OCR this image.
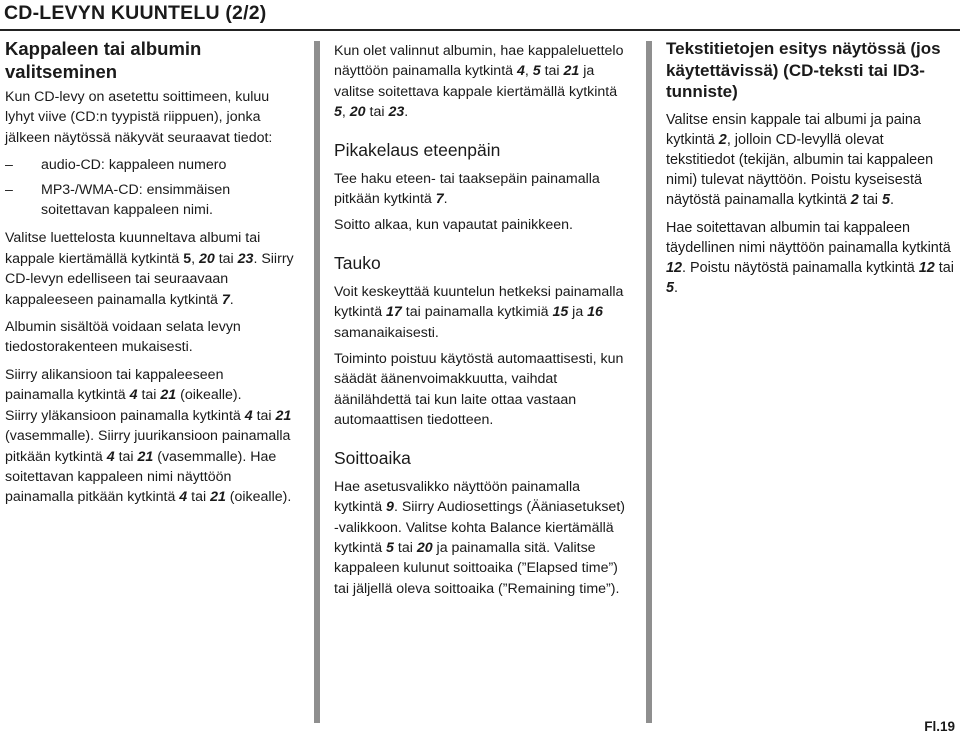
CD-LEVYN KUUNTELU (2/2)
Kappaleen tai albumin valitseminen

Kun CD-levy on asetettu soittimeen, kuluu lyhyt viive (CD:n tyypistä riippuen), jonka jälkeen näytössä näkyvät seuraavat tiedot:

– audio-CD: kappaleen numero
– MP3-/WMA-CD: ensimmäisen soitettavan kappaleen nimi.

Valitse luettelosta kuunneltava albumi tai kappale kiertämällä kytkintä 5, 20 tai 23. Siirry CD-levyn edelliseen tai seuraavaan kappaleeseen painamalla kytkintä 7.

Albumin sisältöä voidaan selata levyn tiedostorakenteen mukaisesti.

Siirry alikansioon tai kappaleeseen painamalla kytkintä 4 tai 21 (oikealle).

Siirry yläkansioon painamalla kytkintä 4 tai 21 (vasemmalle). Siirry juurikansioon painamalla pitkään kytkintä 4 tai 21 (vasemmalle). Hae soitettavan kappaleen nimi näyttöön painamalla pitkään kytkintä 4 tai 21 (oikealle).

Kun olet valinnut albumin, hae kappaleluettelo näyttöön painamalla kytkintä 4, 5 tai 21 ja valitse soitettava kappale kiertämällä kytkintä 5, 20 tai 23.

Pikakelaus eteenpäin

Tee haku eteen- tai taaksepäin painamalla pitkään kytkintä 7.

Soitto alkaa, kun vapautat painikkeen.

Tauko

Voit keskeyttää kuuntelun hetkeksi painamalla kytkintä 17 tai painamalla kytkimiä 15 ja 16 samanaikaisesti.

Toiminto poistuu käytöstä automaattisesti, kun säädät äänenvoimakkuutta, vaihdat äänilähdettä tai kun laite ottaa vastaan automaattisen tiedotteen.

Soittoaika

Hae asetusvalikko näyttöön painamalla kytkintä 9. Siirry Audiosettings (Ääniasetukset) -valikkoon. Valitse kohta Balance kiertämällä kytkintä 5 tai 20 ja painamalla sitä. Valitse kappaleen kulunut soittoaika (”Elapsed time”) tai jäljellä oleva soittoaika (”Remaining time”).

Tekstitietojen esitys näytössä (jos käytettävissä) (CD-teksti tai ID3-tunniste)

Valitse ensin kappale tai albumi ja paina kytkintä 2, jolloin CD-levyllä olevat tekstitiedot (tekijän, albumin tai kappaleen nimi) tulevat näyttöön. Poistu kyseisestä näytöstä painamalla kytkintä 2 tai 5.

Hae soitettavan albumin tai kappaleen täydellinen nimi näyttöön painamalla kytkintä 12. Poistu näytöstä painamalla kytkintä 12 tai 5.

Fl.19
